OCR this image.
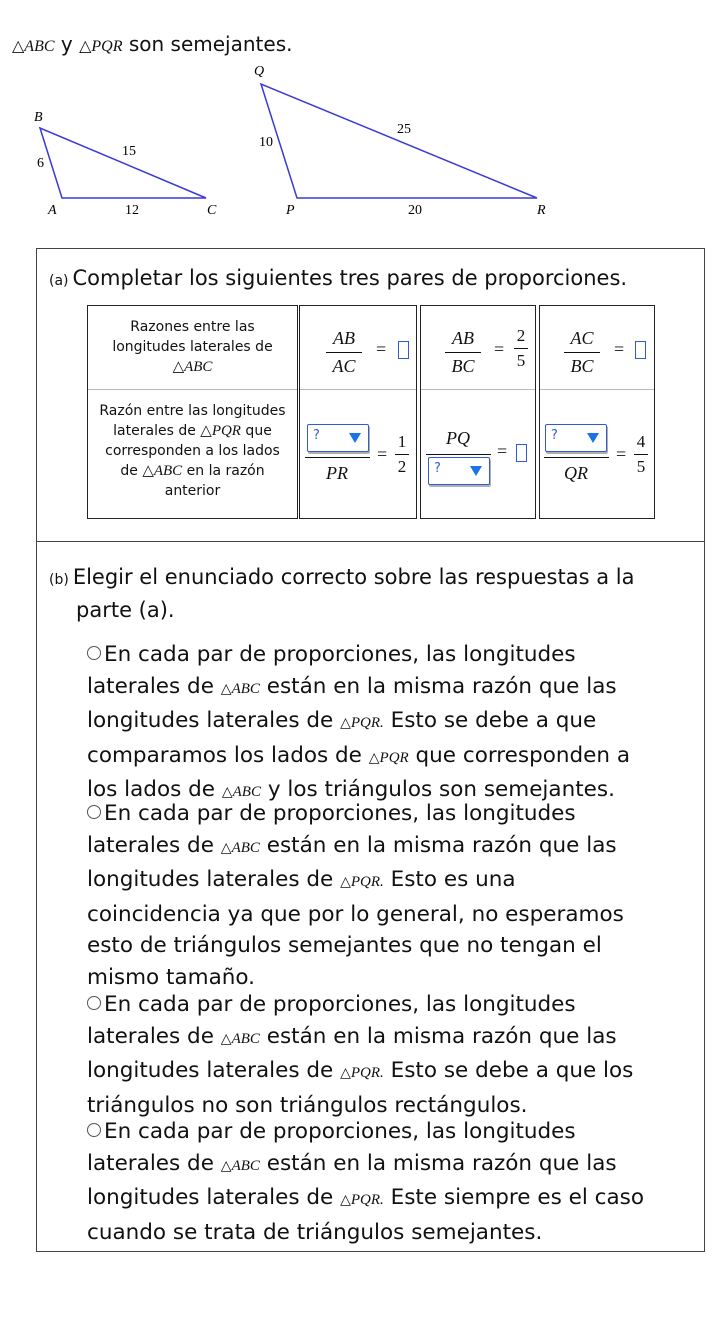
△ABC y △PQR son semejantes.
B
A	C
6
15
12
Q
P	R
10
25
20
(a) Completar los siguientes tres pares de proporciones.
Razones entre las
longitudes laterales de
△ABC
Razón entre las longitudes
laterales de △PQR que
corresponden a los lados
de △ABC en la razón
anterior
AB
AC
=
?
PR
=
1
2
AB
BC
=
2
5
PQ
?
=
AC
BC
=
?
QR
=
4
5
(b) Elegir el enunciado correcto sobre las respuestas a la
parte (a).
En cada par de proporciones, las longitudes
laterales de △ABC están en la misma razón que las
longitudes laterales de △PQR. Esto se debe a que
comparamos los lados de △PQR que corresponden a
los lados de △ABC y los triángulos son semejantes.
En cada par de proporciones, las longitudes
laterales de △ABC están en la misma razón que las
longitudes laterales de △PQR. Esto es una
coincidencia ya que por lo general, no esperamos
esto de triángulos semejantes que no tengan el
mismo tamaño.
En cada par de proporciones, las longitudes
laterales de △ABC están en la misma razón que las
longitudes laterales de △PQR. Esto se debe a que los
triángulos no son triángulos rectángulos.
En cada par de proporciones, las longitudes
laterales de △ABC están en la misma razón que las
longitudes laterales de △PQR. Este siempre es el caso
cuando se trata de triángulos semejantes.
